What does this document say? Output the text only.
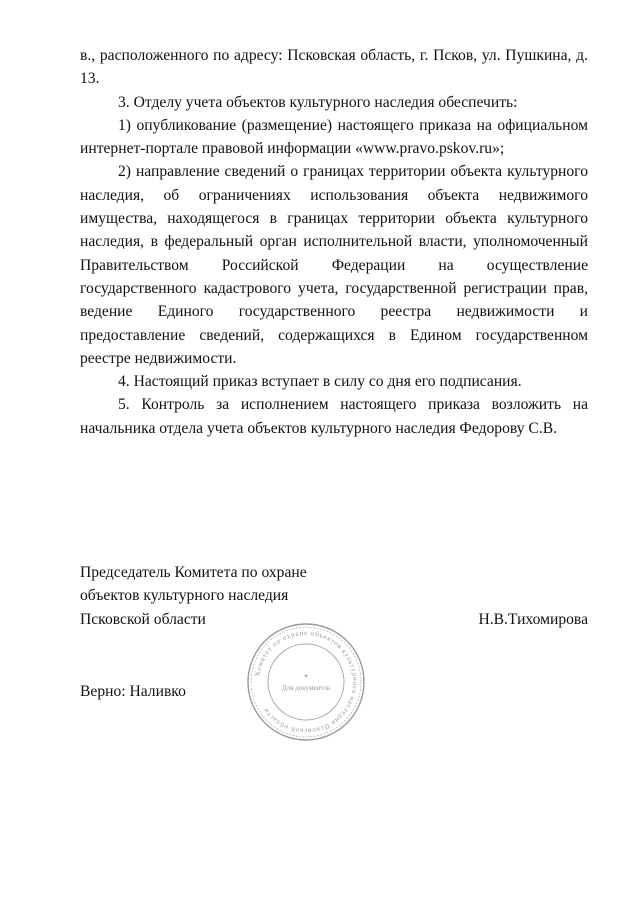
в., расположенного по адресу: Псковская область, г. Псков, ул. Пушкина, д. 13.

3. Отделу учета объектов культурного наследия обеспечить:

1) опубликование (размещение) настоящего приказа на официальном интернет-портале правовой информации «www.pravo.pskov.ru»;

2) направление сведений о границах территории объекта культурного наследия, об ограничениях использования объекта недвижимого имущества, находящегося в границах территории объекта культурного наследия, в федеральный орган исполнительной власти, уполномоченный Правительством Российской Федерации на осуществление государственного кадастрового учета, государственной регистрации прав, ведение Единого государственного реестра недвижимости и предоставление сведений, содержащихся в Едином государственном реестре недвижимости.

4. Настоящий приказ вступает в силу со дня его подписания.

5. Контроль за исполнением настоящего приказа возложить на начальника отдела учета объектов культурного наследия Федорову С.В.

Председатель Комитета по охране
объектов культурного наследия
Псковской области	Н.В.Тихомирова
Верно: Наливко
Комитет по охране объектов культурного наследия Псковской области
✦
Для документов
